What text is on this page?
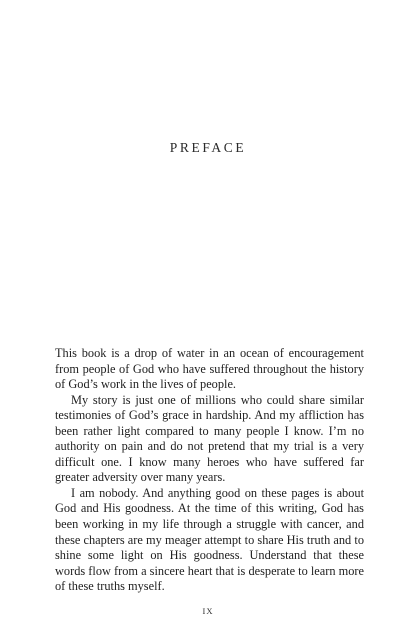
PREFACE

This book is a drop of water in an ocean of encouragement from people of God who have suffered throughout the history of God’s work in the lives of people.

My story is just one of millions who could share similar testimonies of God’s grace in hardship. And my affliction has been rather light compared to many people I know. I’m no authority on pain and do not pretend that my trial is a very difficult one. I know many heroes who have suffered far greater adversity over many years.

I am nobody. And anything good on these pages is about God and His goodness. At the time of this writing, God has been working in my life through a struggle with cancer, and these chapters are my meager attempt to share His truth and to shine some light on His goodness. Understand that these words flow from a sincere heart that is desperate to learn more of these truths myself.

IX
